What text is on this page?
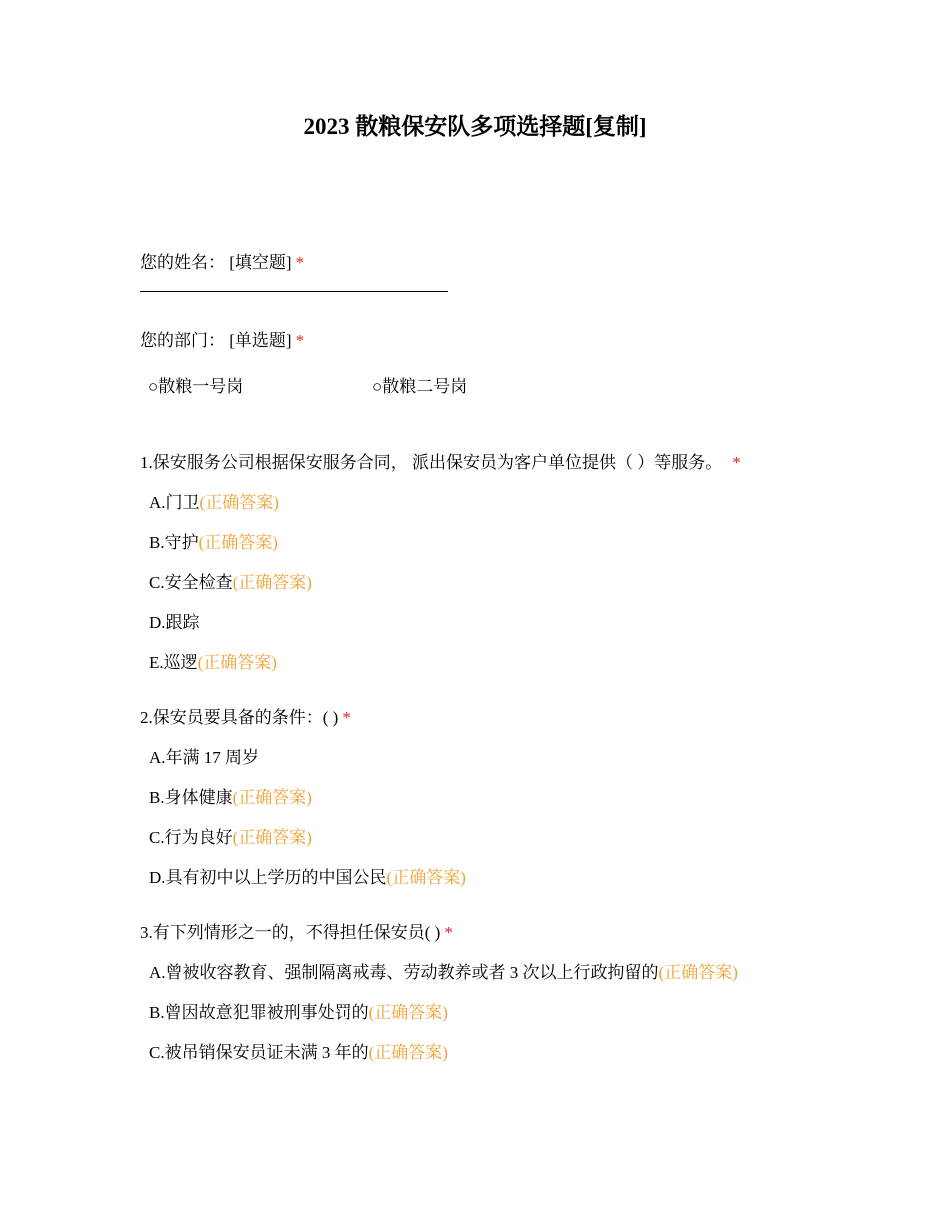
2023 散粮保安队多项选择题[复制]
您的姓名： [填空题] *
您的部门： [单选题] *
○散粮一号岗	○散粮二号岗
1.保安服务公司根据保安服务合同， 派出保安员为客户单位提供（ ）等服务。 *
A.门卫(正确答案)
B.守护(正确答案)
C.安全检查(正确答案)
D.跟踪
E.巡逻(正确答案)
2.保安员要具备的条件：( ) *
A.年满 17 周岁
B.身体健康(正确答案)
C.行为良好(正确答案)
D.具有初中以上学历的中国公民(正确答案)
3.有下列情形之一的，不得担任保安员( ) *
A.曾被收容教育、强制隔离戒毒、劳动教养或者 3 次以上行政拘留的(正确答案)
B.曾因故意犯罪被刑事处罚的(正确答案)
C.被吊销保安员证未满 3 年的(正确答案)
